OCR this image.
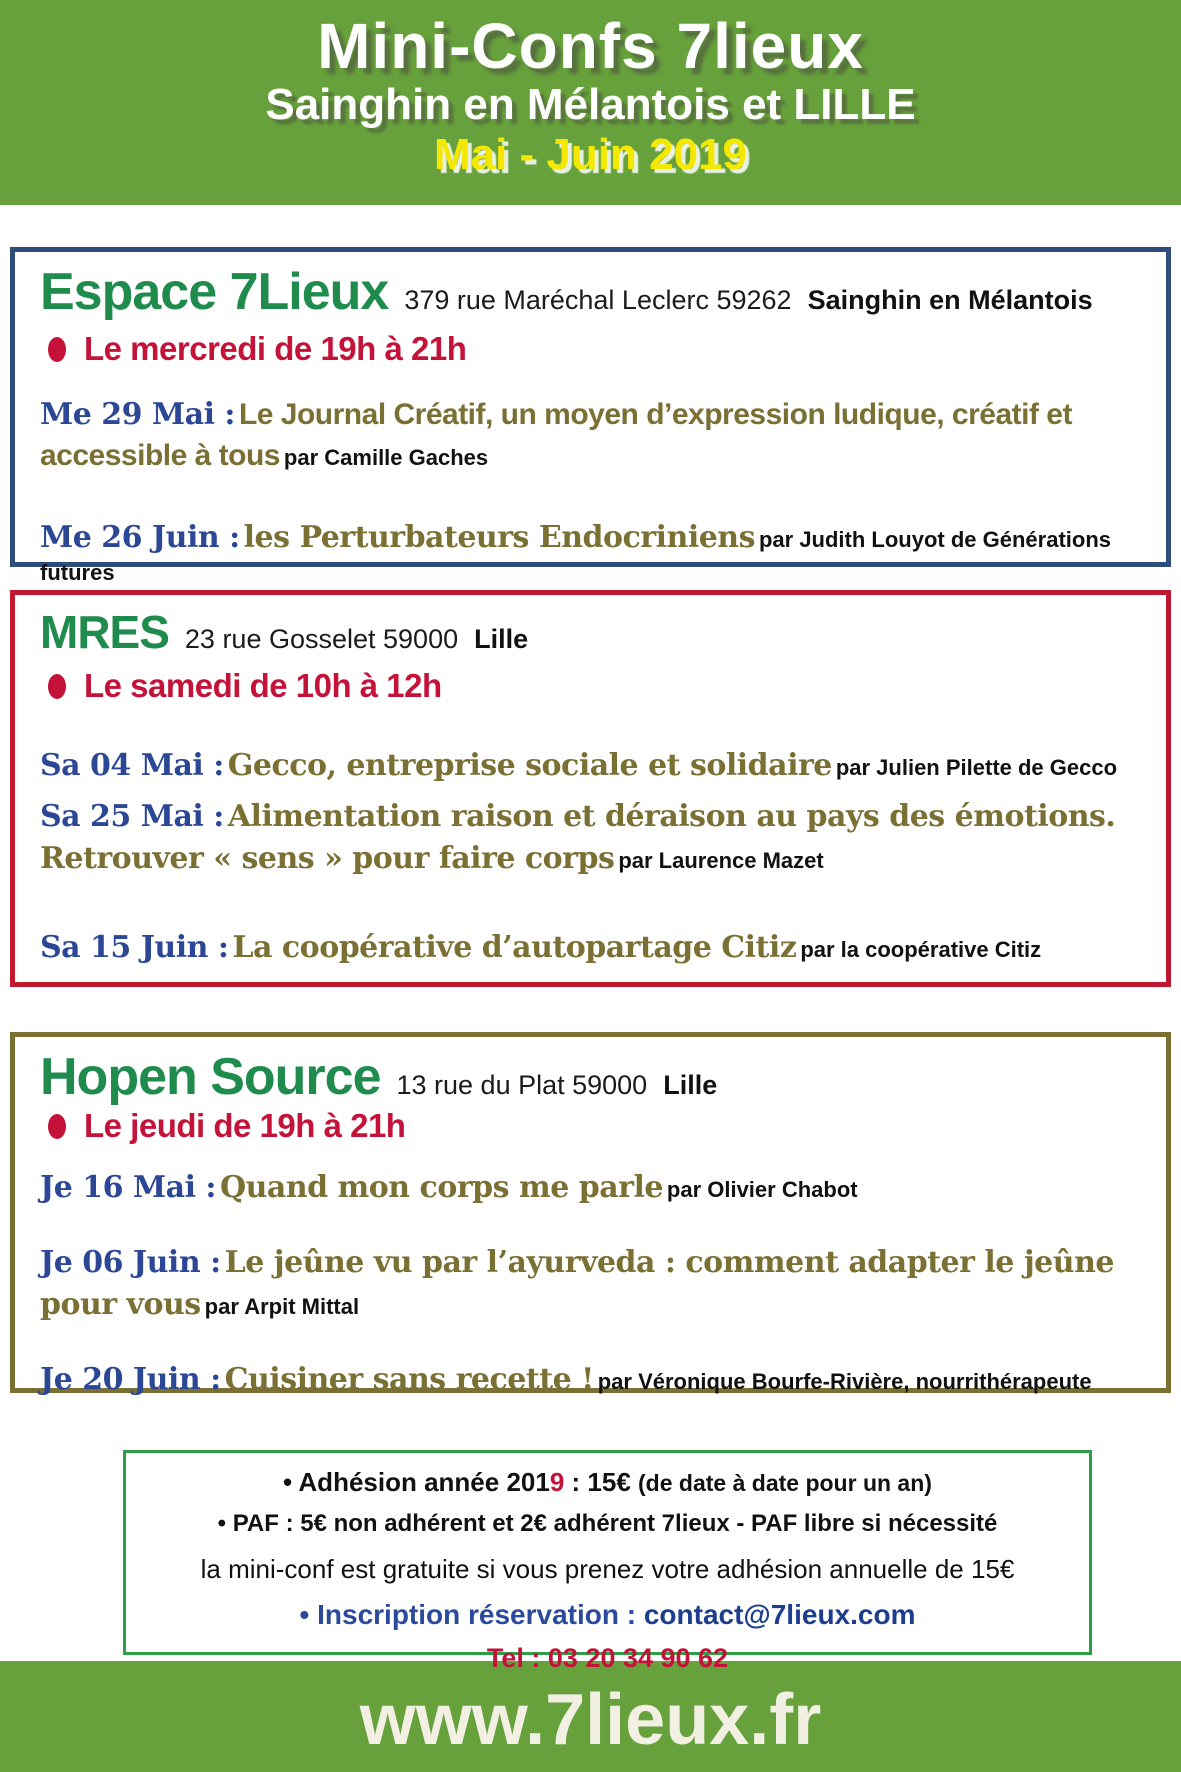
Mini-Confs 7lieux
Sainghin en Mélantois et LILLE
Mai - Juin 2019
Espace 7Lieux 379 rue Maréchal Leclerc 59262 Sainghin en Mélantois
Le mercredi de 19h à 21h

Me 29 Mai : Le Journal Créatif, un moyen d’expression ludique, créatif et accessible à tous par Camille Gaches

Me 26 Juin : les Perturbateurs Endocriniens par Judith Louyot de Générations futures

MRES 23 rue Gosselet 59000 Lille
Le samedi de 10h à 12h

Sa 04 Mai : Gecco, entreprise sociale et solidaire par Julien Pilette de Gecco

Sa 25 Mai : Alimentation raison et déraison au pays des émotions. Retrouver « sens » pour faire corps par Laurence Mazet

Sa 15 Juin : La coopérative d’autopartage Citiz par la coopérative Citiz

Hopen Source 13 rue du Plat 59000 Lille
Le jeudi de 19h à 21h

Je 16 Mai : Quand mon corps me parle par Olivier Chabot

Je 06 Juin : Le jeûne vu par l’ayurveda : comment adapter le jeûne pour vous par Arpit Mittal

Je 20 Juin : Cuisiner sans recette ! par Véronique Bourfe-Rivière, nourrithérapeute

• Adhésion année 2019 : 15€ (de date à date pour un an)
• PAF : 5€ non adhérent et 2€ adhérent 7lieux - PAF libre si nécessité
la mini-conf est gratuite si vous prenez votre adhésion annuelle de 15€
• Inscription réservation : contact@7lieux.com
Tel : 03 20 34 90 62
www.7lieux.fr
